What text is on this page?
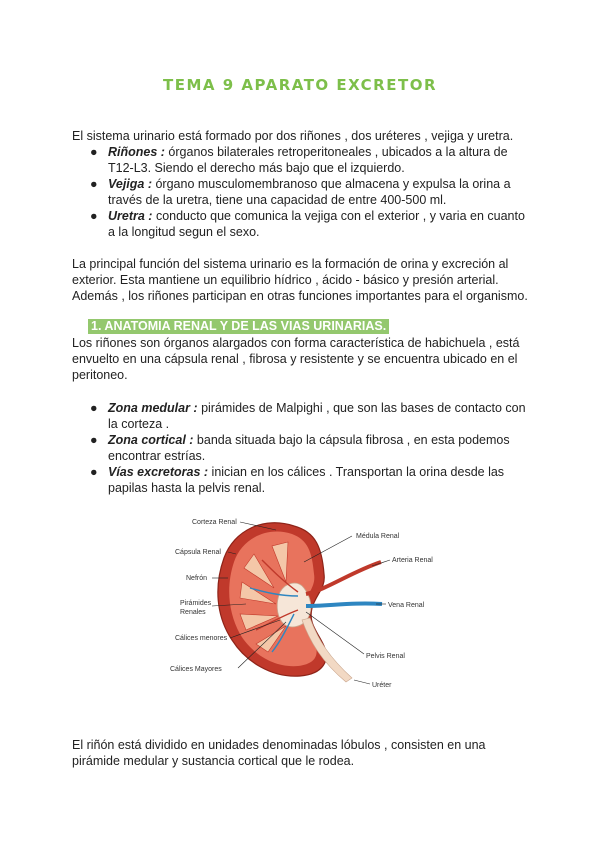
TEMA 9 APARATO EXCRETOR

El sistema urinario está formado por dos riñones , dos uréteres , vejiga y uretra.

● Riñones : órganos bilaterales retroperitoneales , ubicados a la altura de T12-L3. Siendo el derecho más bajo que el izquierdo.
● Vejiga : órgano musculomembranoso que almacena y expulsa la orina a través de la uretra, tiene una capacidad de entre 400-500 ml.
● Uretra : conducto que comunica la vejiga con el exterior , y varia en cuanto a la longitud segun el sexo.

La principal función del sistema urinario es la formación de orina y excreción al exterior. Esta mantiene un equilibrio hídrico , ácido - básico y presión arterial. Además , los riñones participan en otras funciones importantes para el organismo.

1. ANATOMIA RENAL Y DE LAS VIAS URINARIAS.

Los riñones son órganos alargados con forma característica de habichuela , está envuelto en una cápsula renal , fibrosa y resistente y se encuentra ubicado en el peritoneo.

● Zona medular : pirámides de Malpighi , que son las bases de contacto con la corteza .
● Zona cortical : banda situada bajo la cápsula fibrosa , en esta podemos encontrar estrías.
● Vías excretoras : inician en los cálices . Transportan la orina desde las papilas hasta la pelvis renal.
Corteza Renal
Cápsula Renal
Nefrón
Pirámides
Renales
Cálices menores
Cálices Mayores
Médula Renal
Arteria Renal
Vena Renal
Pelvis Renal
Uréter

El riñón está dividido en unidades denominadas lóbulos , consisten en una pirámide medular y sustancia cortical que le rodea.
